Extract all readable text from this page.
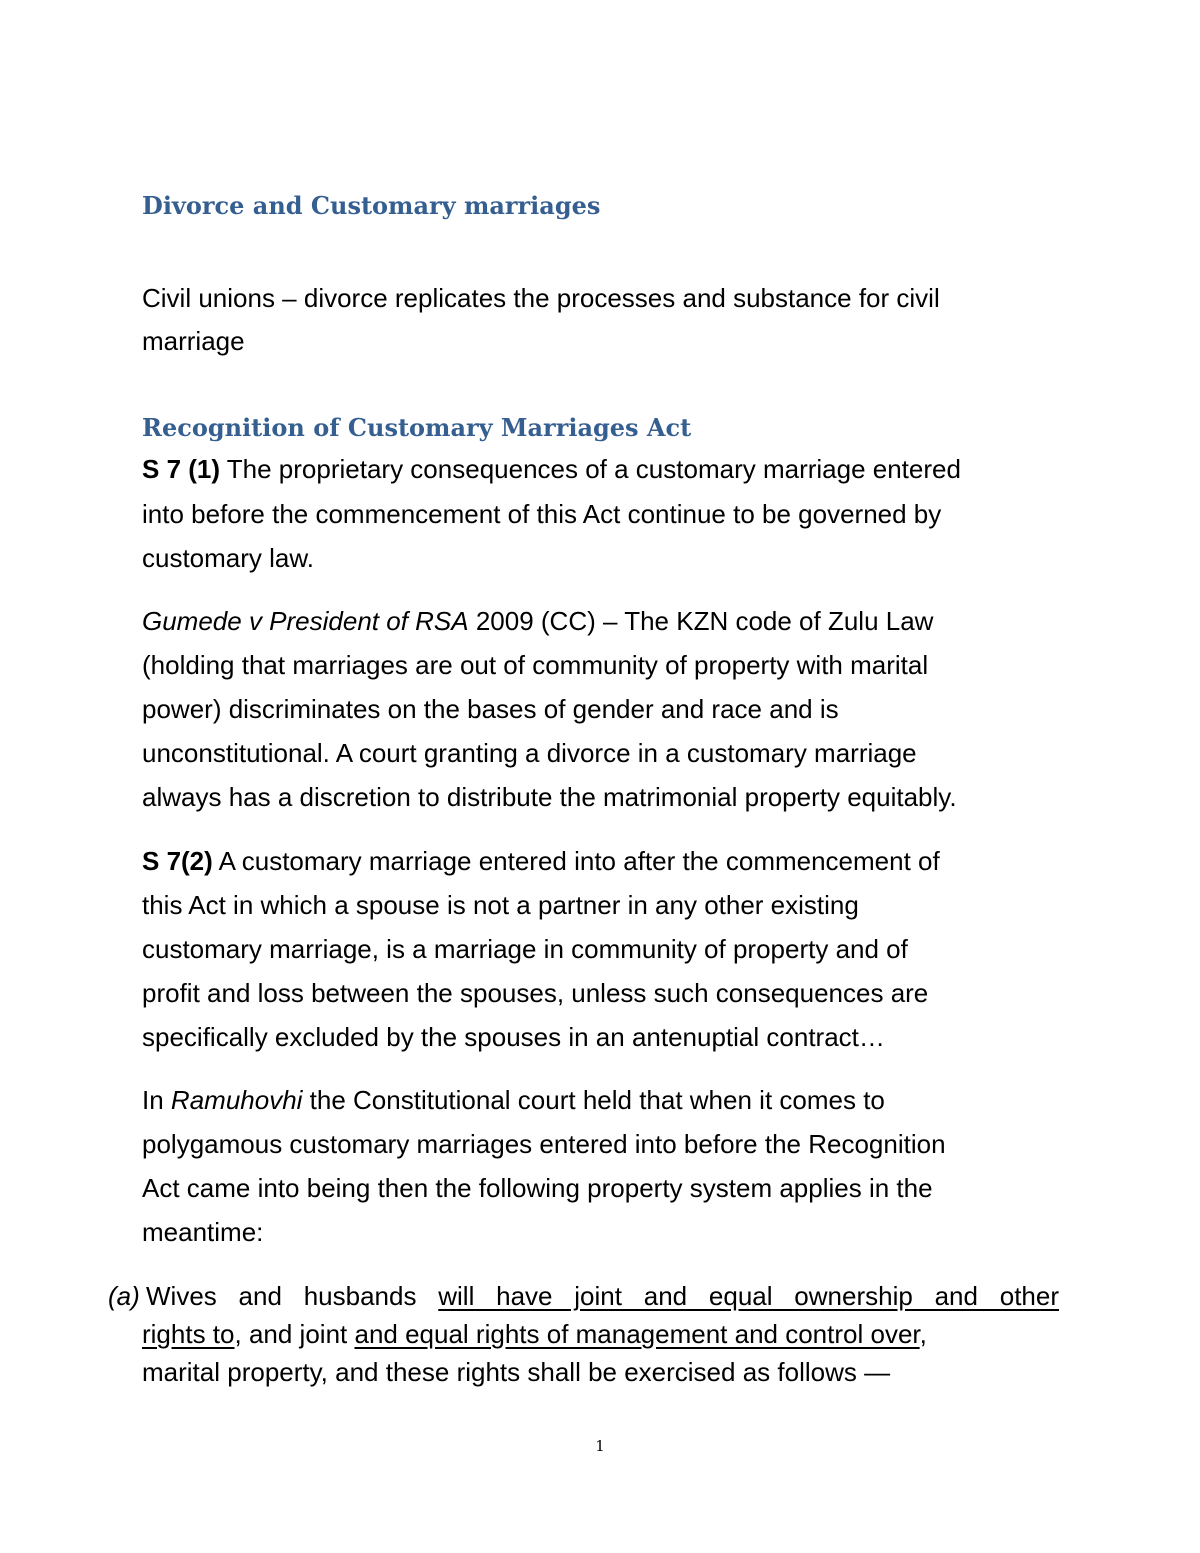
Divorce and Customary marriages
Civil unions – divorce replicates the processes and substance for civil
marriage
Recognition of Customary Marriages Act
S 7 (1) The proprietary consequences of a customary marriage entered
into before the commencement of this Act continue to be governed by
customary law.
Gumede v President of RSA 2009 (CC) – The KZN code of Zulu Law
(holding that marriages are out of community of property with marital
power) discriminates on the bases of gender and race and is
unconstitutional. A court granting a divorce in a customary marriage
always has a discretion to distribute the matrimonial property equitably.
S 7(2) A customary marriage entered into after the commencement of
this Act in which a spouse is not a partner in any other existing
customary marriage, is a marriage in community of property and of
profit and loss between the spouses, unless such consequences are
specifically excluded by the spouses in an antenuptial contract…
In Ramuhovhi the Constitutional court held that when it comes to
polygamous customary marriages entered into before the Recognition
Act came into being then the following property system applies in the
meantime:
(a) Wives and husbands will have joint and equal ownership and other
rights to, and joint and equal rights of management and control over,
marital property, and these rights shall be exercised as follows —
1
